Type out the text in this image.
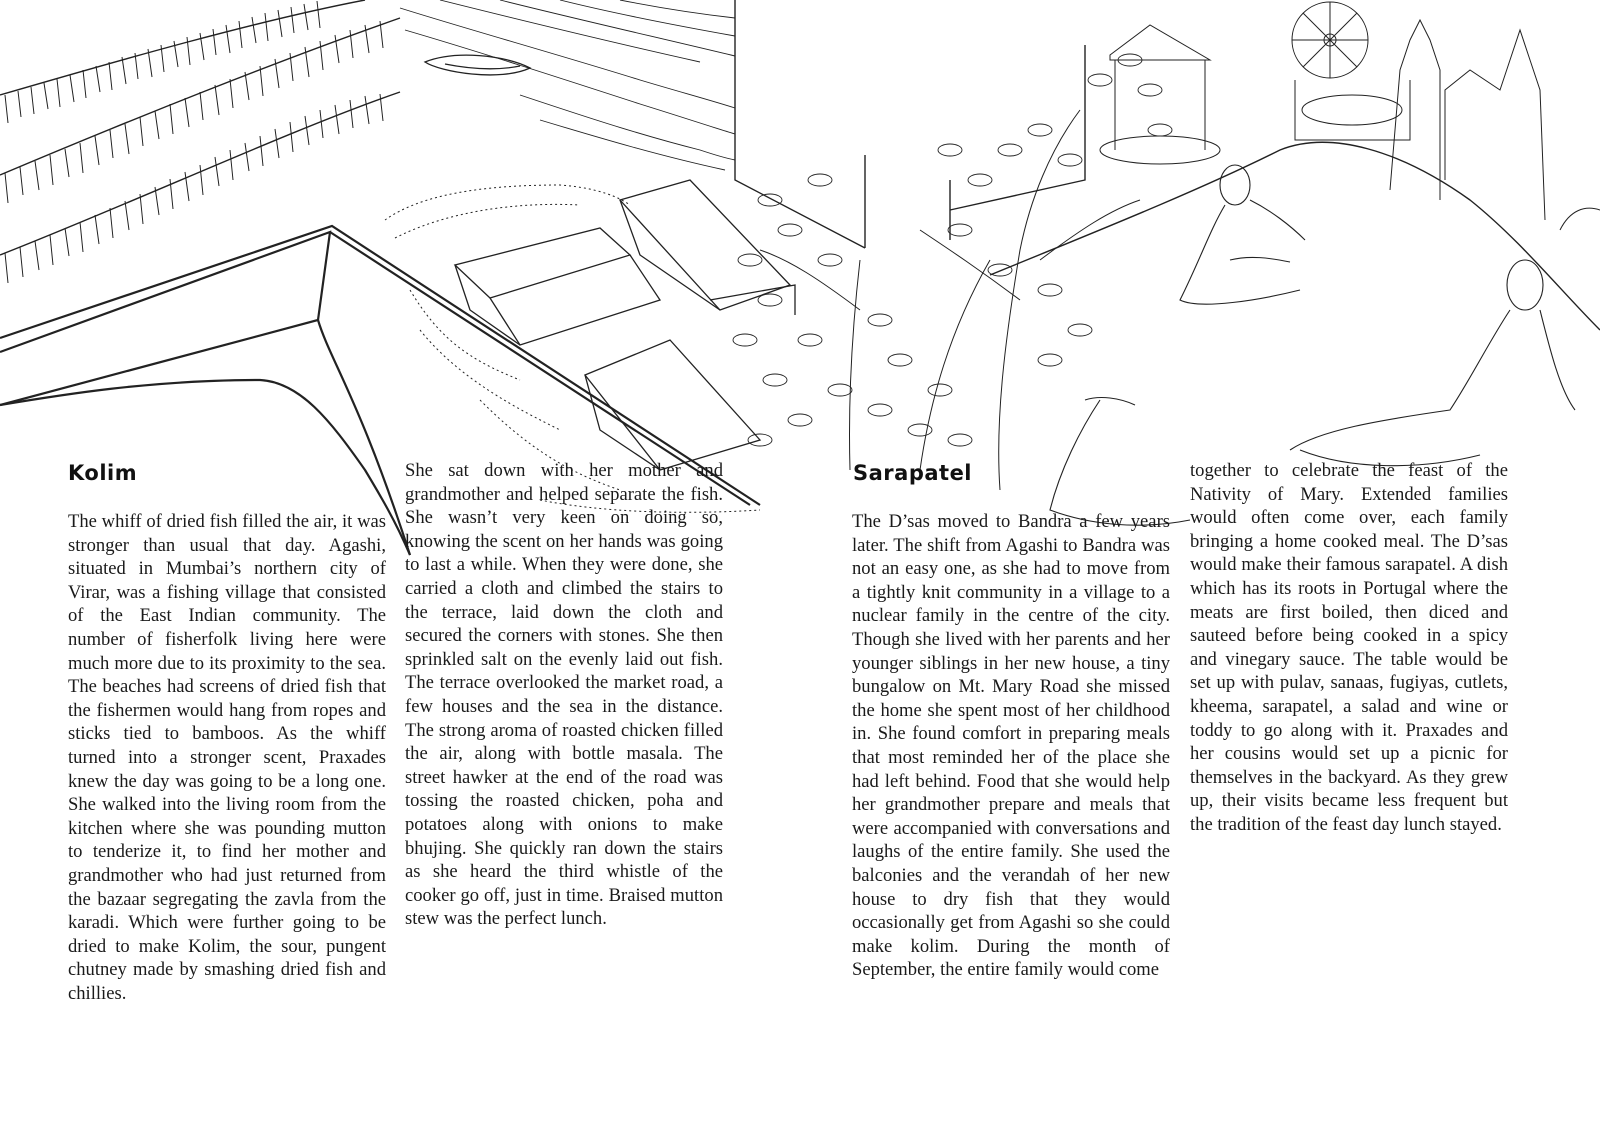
Kolim

The whiff of dried fish filled the air, it was stronger than usual that day. Agashi, situated in Mumbai’s northern city of Virar, was a fishing village that consisted of the East Indian community. The number of fisherfolk living here were much more due to its proximity to the sea. The beaches had screens of dried fish that the fishermen would hang from ropes and sticks tied to bamboos. As the whiff turned into a stronger scent, Praxades knew the day was going to be a long one. She walked into the living room from the kitchen where she was pounding mutton to tenderize it, to find her mother and grandmother who had just returned from the bazaar segregating the zavla from the karadi. Which were further going to be dried to make Kolim, the sour, pungent chutney made by smashing dried fish and chillies.

She sat down with her mother and grandmother and helped separate the fish. She wasn’t very keen on doing so, knowing the scent on her hands was going to last a while. When they were done, she carried a cloth and climbed the stairs to the terrace, laid down the cloth and secured the corners with stones. She then sprinkled salt on the evenly laid out fish. The terrace overlooked the market road, a few houses and the sea in the distance. The strong aroma of roasted chicken filled the air, along with bottle masala. The street hawker at the end of the road was tossing the roasted chicken, poha and potatoes along with onions to make bhujing. She quickly ran down the stairs as she heard the third whistle of the cooker go off, just in time. Braised mutton stew was the perfect lunch.

Sarapatel

The D’sas moved to Bandra a few years later. The shift from Agashi to Bandra was not an easy one, as she had to move from a tightly knit community in a village to a nuclear family in the centre of the city. Though she lived with her parents and her younger siblings in her new house, a tiny bungalow on Mt. Mary Road she missed the home she spent most of her childhood in. She found comfort in preparing meals that most reminded her of the place she had left behind. Food that she would help her grandmother prepare and meals that were accompanied with conversations and laughs of the entire family. She used the balconies and the verandah of her new house to dry fish that they would occasionally get from Agashi so she could make kolim. During the month of September, the entire family would come

together to celebrate the feast of the Nativity of Mary. Extended families would often come over, each family bringing a home cooked meal. The D’sas would make their famous sarapatel. A dish which has its roots in Portugal where the meats are first boiled, then diced and sauteed before being cooked in a spicy and vinegary sauce. The table would be set up with pulav, sanaas, fugiyas, cutlets, kheema, sarapatel, a salad and wine or toddy to go along with it. Praxades and her cousins would set up a picnic for themselves in the backyard. As they grew up, their visits became less frequent but the tradition of the feast day lunch stayed.
